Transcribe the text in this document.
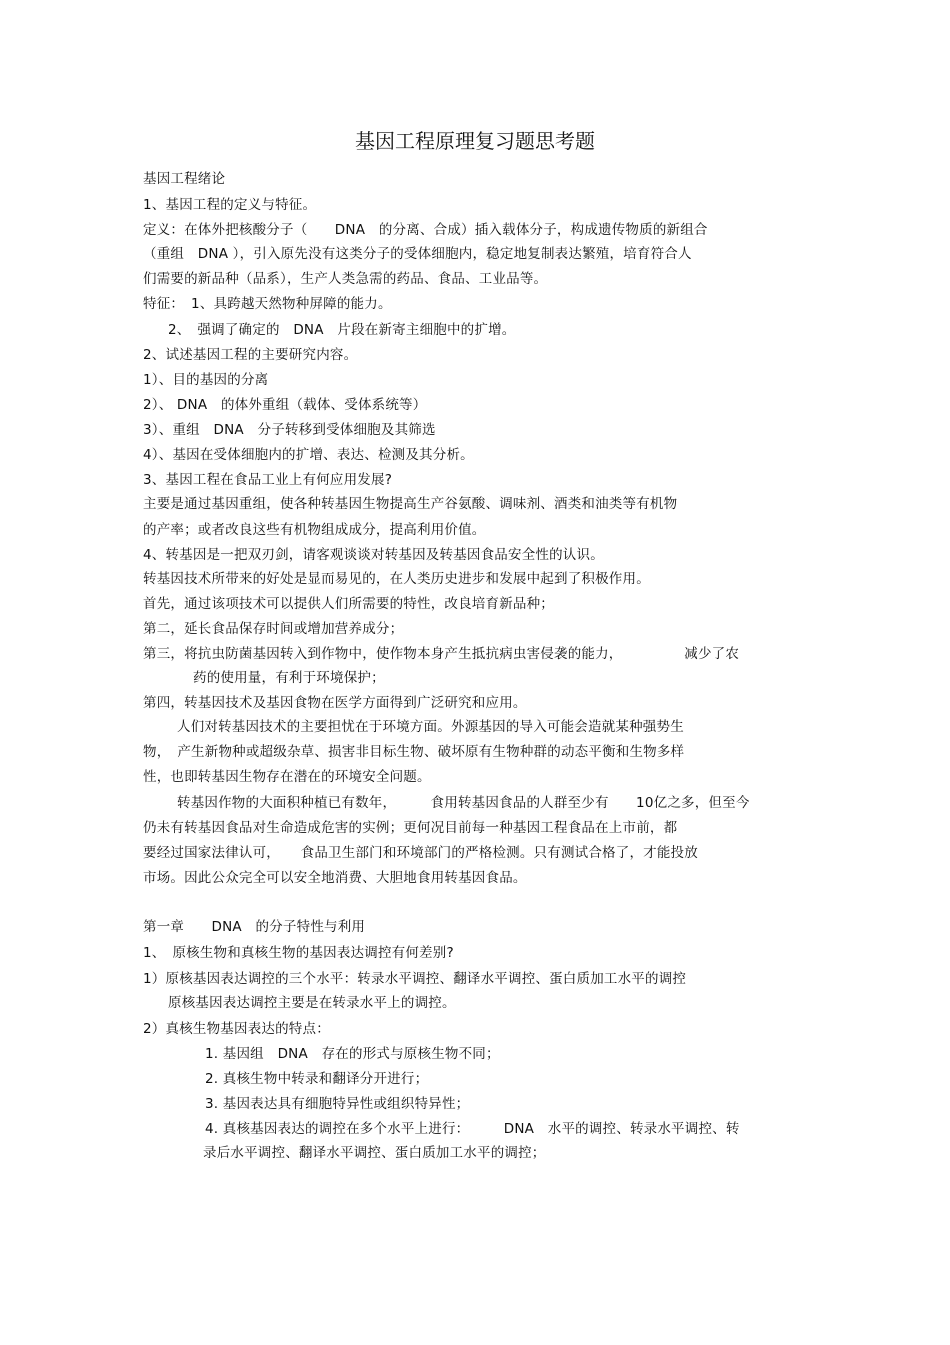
基因工程原理复习题思考题
基因工程绪论
1、基因工程的定义与特征。
定义：在体外把核酸分子（　　DNA　的分离、合成）插入载体分子，构成遗传物质的新组合
（重组　DNA ），引入原先没有这类分子的受体细胞内，稳定地复制表达繁殖，培育符合人
们需要的新品种（品系），生产人类急需的药品、食品、工业品等。
特征：　1、具跨越天然物种屏障的能力。
2、　强调了确定的　DNA　片段在新寄主细胞中的扩增。
2、试述基因工程的主要研究内容。
1）、目的基因的分离
2）、 DNA　的体外重组（载体、受体系统等）
3）、重组　DNA　分子转移到受体细胞及其筛选
4）、基因在受体细胞内的扩增、表达、检测及其分析。
3、基因工程在食品工业上有何应用发展?
主要是通过基因重组，使各种转基因生物提高生产谷氨酸、调味剂、酒类和油类等有机物
的产率；或者改良这些有机物组成成分，提高利用价值。
4、转基因是一把双刃剑，请客观谈谈对转基因及转基因食品安全性的认识。
转基因技术所带来的好处是显而易见的，在人类历史进步和发展中起到了积极作用。
首先，通过该项技术可以提供人们所需要的特性，改良培育新品种；
第二，延长食品保存时间或增加营养成分；
第三，将抗虫防菌基因转入到作物中，使作物本身产生抵抗病虫害侵袭的能力，　　　　　减少了农
药的使用量，有利于环境保护；
第四，转基因技术及基因食物在医学方面得到广泛研究和应用。
人们对转基因技术的主要担忧在于环境方面。外源基因的导入可能会造就某种强势生
物，　产生新物种或超级杂草、损害非目标生物、破坏原有生物种群的动态平衡和生物多样
性，也即转基因生物存在潜在的环境安全问题。
转基因作物的大面积种植已有数年，　　　食用转基因食品的人群至少有　　10亿之多，但至今
仍未有转基因食品对生命造成危害的实例；更何况目前每一种基因工程食品在上市前，都
要经过国家法律认可，　　食品卫生部门和环境部门的严格检测。只有测试合格了，才能投放
市场。因此公众完全可以安全地消费、大胆地食用转基因食品。
第一章　　DNA　的分子特性与利用
1、　原核生物和真核生物的基因表达调控有何差别?
1）原核基因表达调控的三个水平：转录水平调控、翻译水平调控、蛋白质加工水平的调控
原核基因表达调控主要是在转录水平上的调控。
2）真核生物基因表达的特点：
1. 基因组　DNA　存在的形式与原核生物不同；
2. 真核生物中转录和翻译分开进行；
3. 基因表达具有细胞特异性或组织特异性；
4. 真核基因表达的调控在多个水平上进行：　　　DNA　水平的调控、转录水平调控、转
录后水平调控、翻译水平调控、蛋白质加工水平的调控；
